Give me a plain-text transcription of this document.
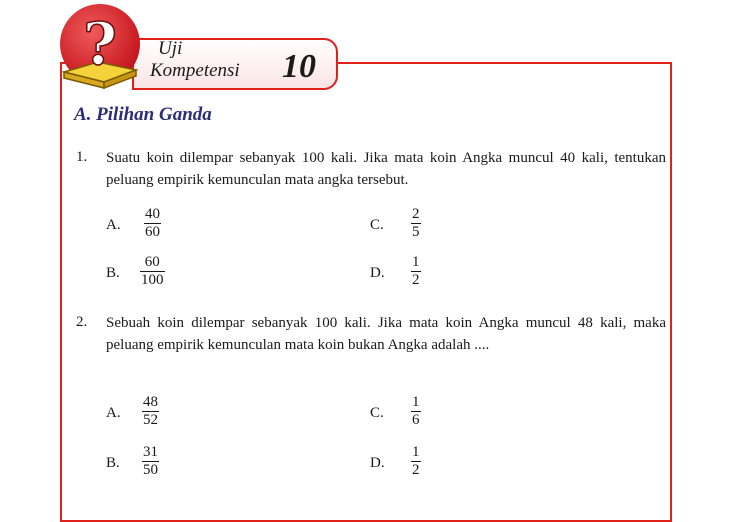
? Uji
Kompetensi 10
A. Pilihan Ganda
1. Suatu koin dilempar sebanyak 100 kali. Jika mata koin Angka muncul 40 kali, tentukan peluang empirik kemunculan mata angka tersebut.
A.
40
60
B.
60
100
C.
2
5
D.
1
2
2. Sebuah koin dilempar sebanyak 100 kali. Jika mata koin Angka muncul 48 kali, maka peluang empirik kemunculan mata koin bukan Angka adalah ....
A.
48
52
B.
31
50
C.
1
6
D.
1
2
